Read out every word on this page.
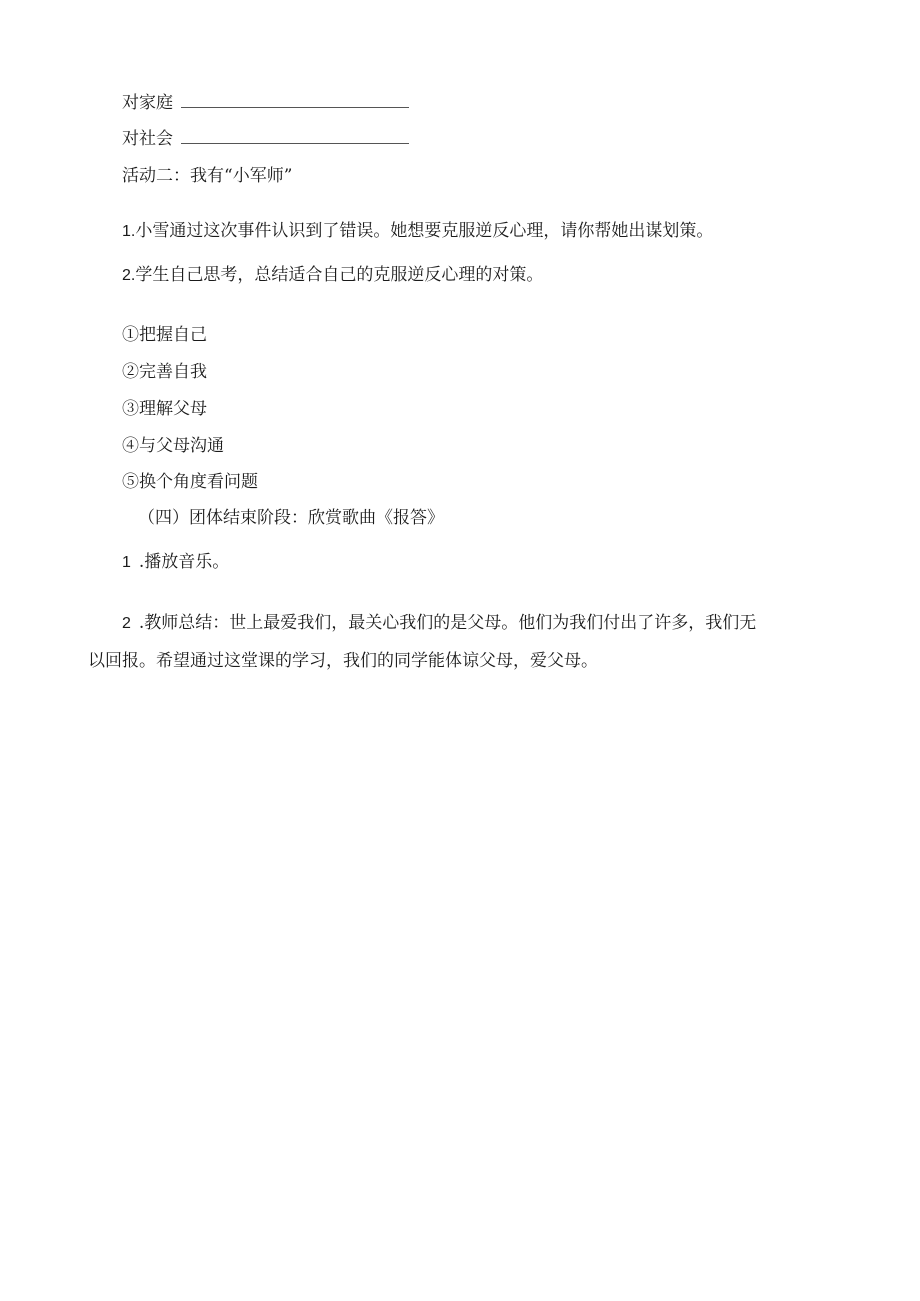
对家庭
对社会
活动二：我有“小军师”
1.小雪通过这次事件认识到了错误。她想要克服逆反心理，请你帮她出谋划策。
2.学生自己思考，总结适合自己的克服逆反心理的对策。
①把握自己
②完善自我
③理解父母
④与父母沟通
⑤换个角度看问题
（四）团体结束阶段：欣赏歌曲《报答》
1 .播放音乐。
2 .教师总结：世上最爱我们，最关心我们的是父母。他们为我们付出了许多，我们无
以回报。希望通过这堂课的学习，我们的同学能体谅父母，爱父母。
